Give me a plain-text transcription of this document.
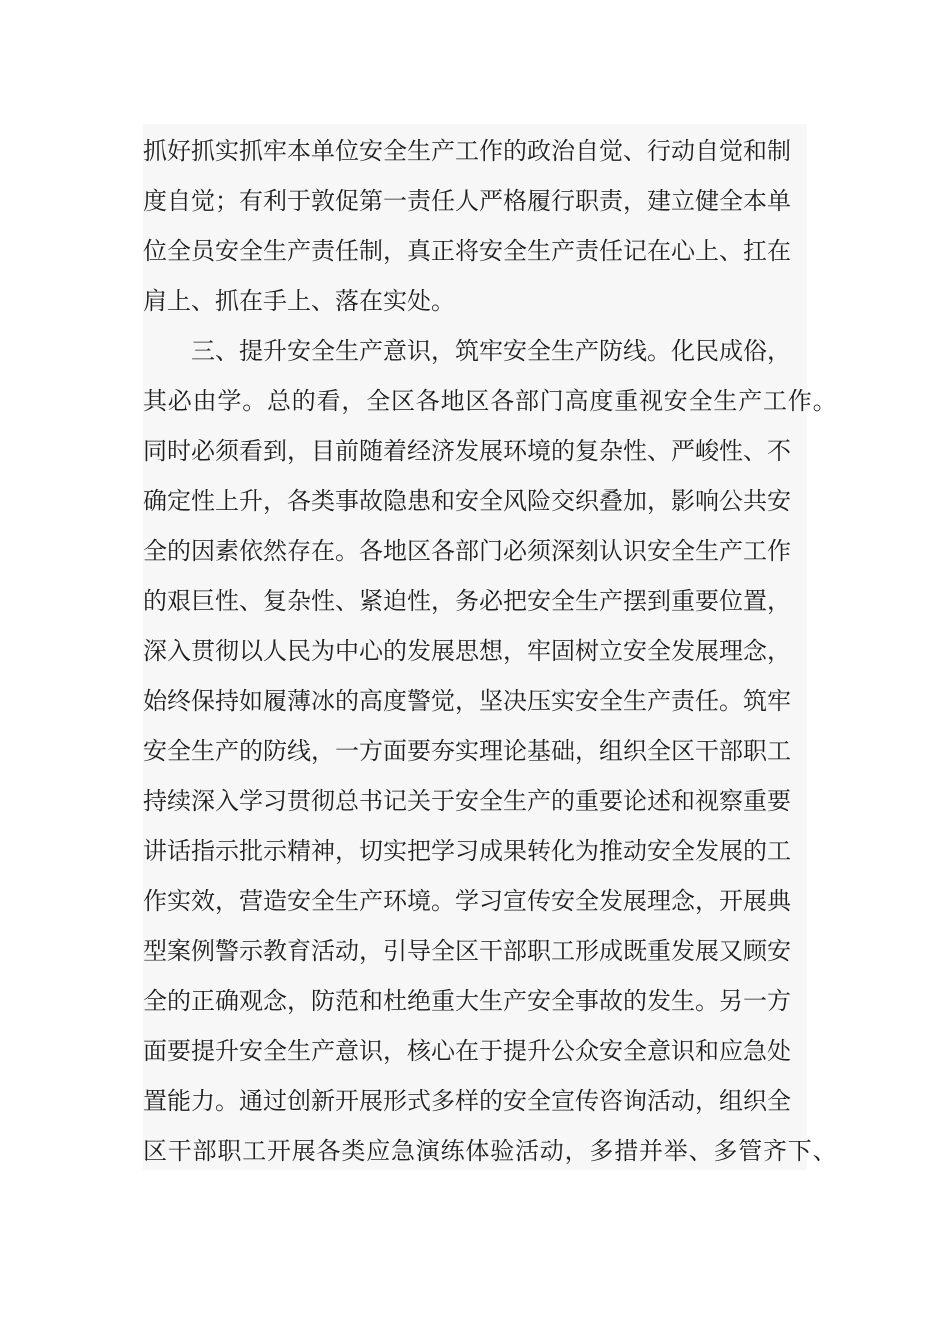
抓好抓实抓牢本单位安全生产工作的政治自觉、行动自觉和制
度自觉；有利于敦促第一责任人严格履行职责，建立健全本单
位全员安全生产责任制，真正将安全生产责任记在心上、扛在
肩上、抓在手上、落在实处。
三、提升安全生产意识，筑牢安全生产防线。化民成俗，
其必由学。总的看，全区各地区各部门高度重视安全生产工作。
同时必须看到，目前随着经济发展环境的复杂性、严峻性、不
确定性上升，各类事故隐患和安全风险交织叠加，影响公共安
全的因素依然存在。各地区各部门必须深刻认识安全生产工作
的艰巨性、复杂性、紧迫性，务必把安全生产摆到重要位置，
深入贯彻以人民为中心的发展思想，牢固树立安全发展理念，
始终保持如履薄冰的高度警觉，坚决压实安全生产责任。筑牢
安全生产的防线，一方面要夯实理论基础，组织全区干部职工
持续深入学习贯彻总书记关于安全生产的重要论述和视察重要
讲话指示批示精神，切实把学习成果转化为推动安全发展的工
作实效，营造安全生产环境。学习宣传安全发展理念，开展典
型案例警示教育活动，引导全区干部职工形成既重发展又顾安
全的正确观念，防范和杜绝重大生产安全事故的发生。另一方
面要提升安全生产意识，核心在于提升公众安全意识和应急处
置能力。通过创新开展形式多样的安全宣传咨询活动，组织全
区干部职工开展各类应急演练体验活动，多措并举、多管齐下、
